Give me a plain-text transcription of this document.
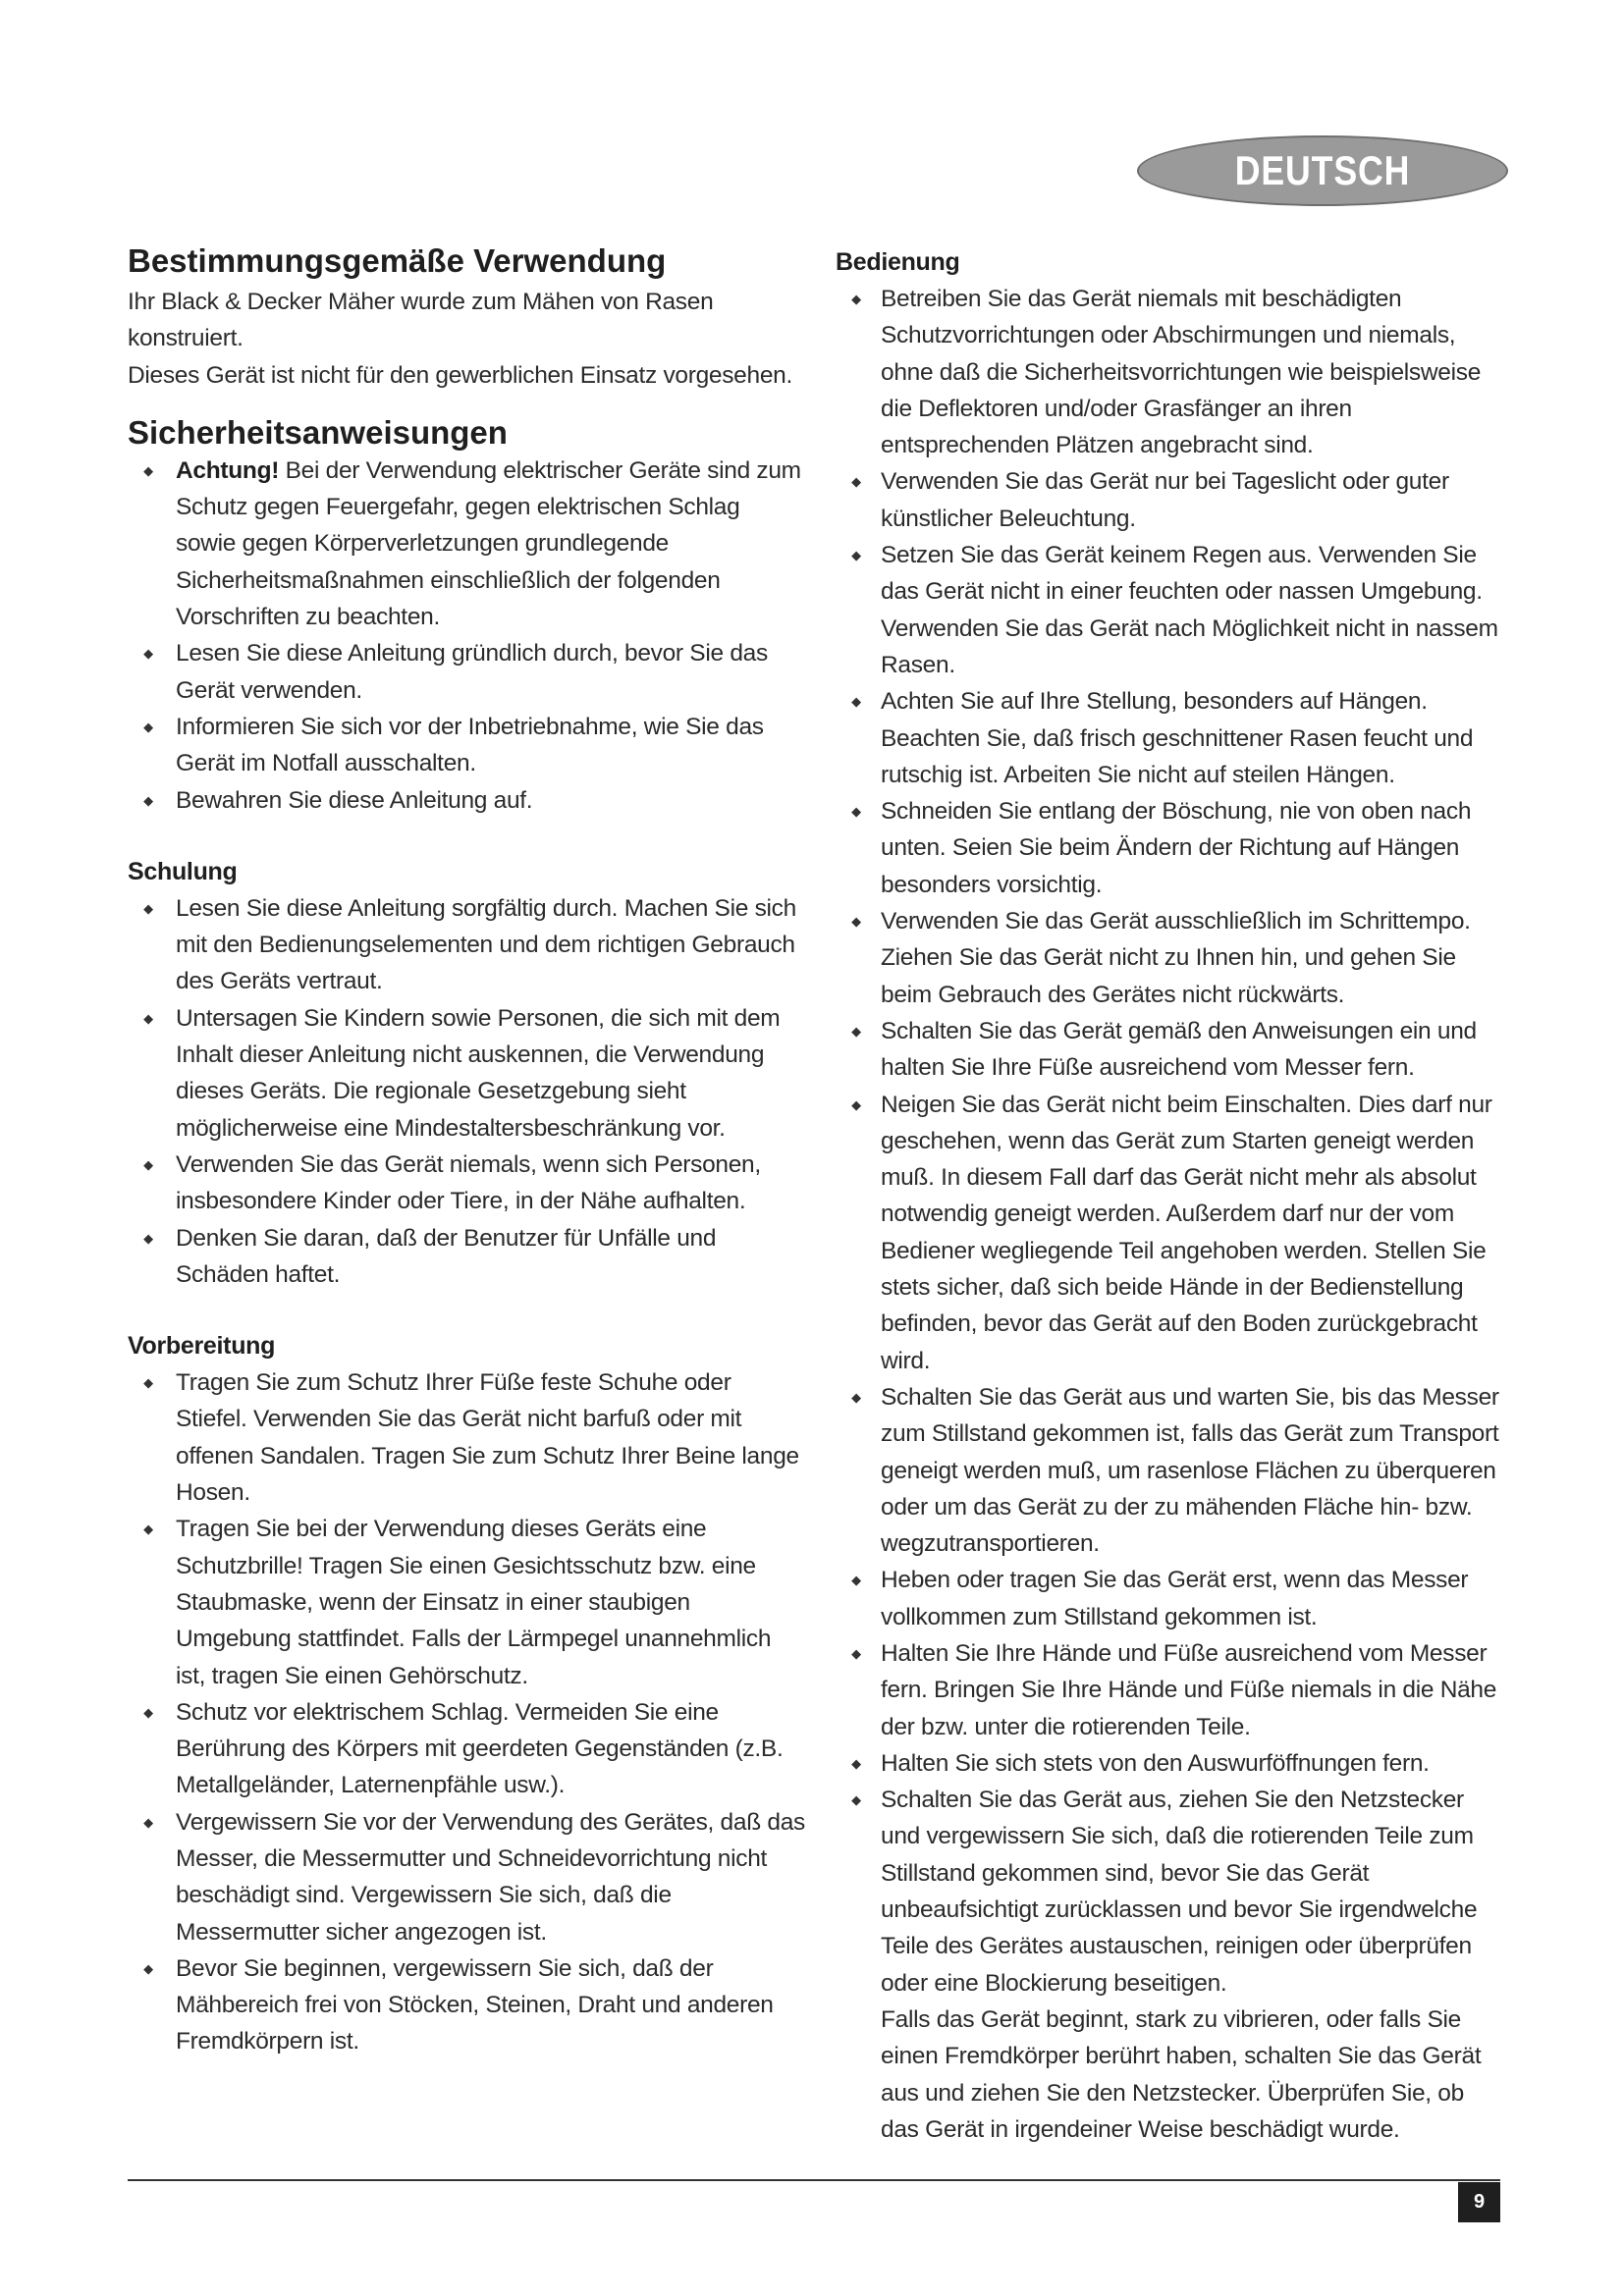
DEUTSCH
Bestimmungsgemäße Verwendung

Ihr Black & Decker Mäher wurde zum Mähen von Rasen

konstruiert.

Dieses Gerät ist nicht für den gewerblichen Einsatz vorgesehen.

Sicherheitsanweisungen
◆ Achtung! Bei der Verwendung elektrischer Geräte sind zum Schutz gegen Feuergefahr, gegen elektrischen Schlag sowie gegen Körperverletzungen grundlegende Sicherheitsmaßnahmen einschließlich der folgenden Vorschriften zu beachten.
◆ Lesen Sie diese Anleitung gründlich durch, bevor Sie das Gerät verwenden.
◆ Informieren Sie sich vor der Inbetriebnahme, wie Sie das Gerät im Notfall ausschalten.
◆ Bewahren Sie diese Anleitung auf.
Schulung
◆ Lesen Sie diese Anleitung sorgfältig durch. Machen Sie sich mit den Bedienungselementen und dem richtigen Gebrauch des Geräts vertraut.
◆ Untersagen Sie Kindern sowie Personen, die sich mit dem Inhalt dieser Anleitung nicht auskennen, die Verwendung dieses Geräts. Die regionale Gesetzgebung sieht möglicherweise eine Mindestaltersbeschränkung vor.
◆ Verwenden Sie das Gerät niemals, wenn sich Personen, insbesondere Kinder oder Tiere, in der Nähe aufhalten.
◆ Denken Sie daran, daß der Benutzer für Unfälle und Schäden haftet.
Vorbereitung
◆ Tragen Sie zum Schutz Ihrer Füße feste Schuhe oder Stiefel. Verwenden Sie das Gerät nicht barfuß oder mit offenen Sandalen. Tragen Sie zum Schutz Ihrer Beine lange Hosen.
◆ Tragen Sie bei der Verwendung dieses Geräts eine Schutzbrille! Tragen Sie einen Gesichtsschutz bzw. eine Staubmaske, wenn der Einsatz in einer staubigen Umgebung stattfindet. Falls der Lärmpegel unannehmlich ist, tragen Sie einen Gehörschutz.
◆ Schutz vor elektrischem Schlag. Vermeiden Sie eine Berührung des Körpers mit geerdeten Gegenständen (z.B. Metallgeländer, Laternenpfähle usw.).
◆ Vergewissern Sie vor der Verwendung des Gerätes, daß das Messer, die Messermutter und Schneidevorrichtung nicht beschädigt sind. Vergewissern Sie sich, daß die Messermutter sicher angezogen ist.
◆ Bevor Sie beginnen, vergewissern Sie sich, daß der Mähbereich frei von Stöcken, Steinen, Draht und anderen Fremdkörpern ist.
Bedienung
◆ Betreiben Sie das Gerät niemals mit beschädigten Schutzvorrichtungen oder Abschirmungen und niemals, ohne daß die Sicherheitsvorrichtungen wie beispielsweise die Deflektoren und/oder Grasfänger an ihren entsprechenden Plätzen angebracht sind.
◆ Verwenden Sie das Gerät nur bei Tageslicht oder guter künstlicher Beleuchtung.
◆ Setzen Sie das Gerät keinem Regen aus. Verwenden Sie das Gerät nicht in einer feuchten oder nassen Umgebung. Verwenden Sie das Gerät nach Möglichkeit nicht in nassem Rasen.
◆ Achten Sie auf Ihre Stellung, besonders auf Hängen. Beachten Sie, daß frisch geschnittener Rasen feucht und rutschig ist. Arbeiten Sie nicht auf steilen Hängen.
◆ Schneiden Sie entlang der Böschung, nie von oben nach unten. Seien Sie beim Ändern der Richtung auf Hängen besonders vorsichtig.
◆ Verwenden Sie das Gerät ausschließlich im Schrittempo. Ziehen Sie das Gerät nicht zu Ihnen hin, und gehen Sie beim Gebrauch des Gerätes nicht rückwärts.
◆ Schalten Sie das Gerät gemäß den Anweisungen ein und halten Sie Ihre Füße ausreichend vom Messer fern.
◆ Neigen Sie das Gerät nicht beim Einschalten. Dies darf nur geschehen, wenn das Gerät zum Starten geneigt werden muß. In diesem Fall darf das Gerät nicht mehr als absolut notwendig geneigt werden. Außerdem darf nur der vom Bediener wegliegende Teil angehoben werden. Stellen Sie stets sicher, daß sich beide Hände in der Bedienstellung befinden, bevor das Gerät auf den Boden zurückgebracht wird.
◆ Schalten Sie das Gerät aus und warten Sie, bis das Messer zum Stillstand gekommen ist, falls das Gerät zum Transport geneigt werden muß, um rasenlose Flächen zu überqueren oder um das Gerät zu der zu mähenden Fläche hin- bzw. wegzutransportieren.
◆ Heben oder tragen Sie das Gerät erst, wenn das Messer vollkommen zum Stillstand gekommen ist.
◆ Halten Sie Ihre Hände und Füße ausreichend vom Messer fern. Bringen Sie Ihre Hände und Füße niemals in die Nähe der bzw. unter die rotierenden Teile.
◆ Halten Sie sich stets von den Auswurföffnungen fern.
◆ Schalten Sie das Gerät aus, ziehen Sie den Netzstecker und vergewissern Sie sich, daß die rotierenden Teile zum Stillstand gekommen sind, bevor Sie das Gerät unbeaufsichtigt zurücklassen und bevor Sie irgendwelche Teile des Gerätes austauschen, reinigen oder überprüfen oder eine Blockierung beseitigen.
Falls das Gerät beginnt, stark zu vibrieren, oder falls Sie einen Fremdkörper berührt haben, schalten Sie das Gerät aus und ziehen Sie den Netzstecker. Überprüfen Sie, ob das Gerät in irgendeiner Weise beschädigt wurde.
9
